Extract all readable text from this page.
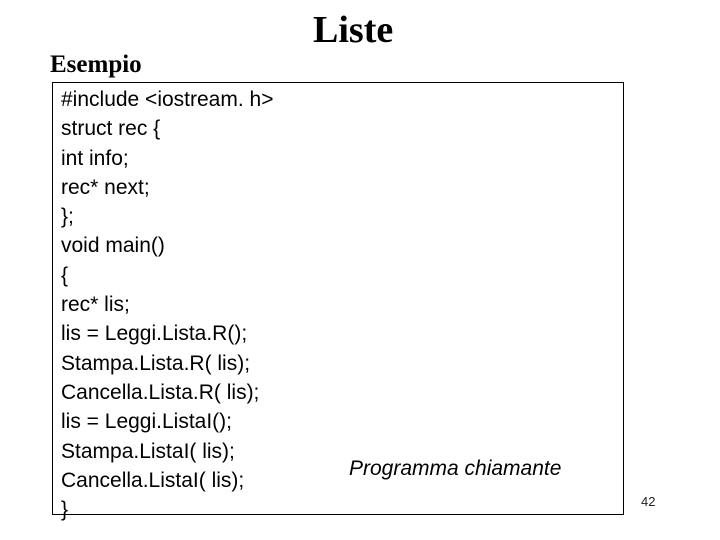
Liste
Esempio
#include <iostream. h>
struct rec {
int info;
rec* next;
};
void main()
{
rec* lis;
lis = Leggi.Lista.R();
Stampa.Lista.R( lis);
Cancella.Lista.R( lis);
lis = Leggi.ListaI();
Stampa.ListaI( lis);
Cancella.ListaI( lis);
}
Programma chiamante
42
